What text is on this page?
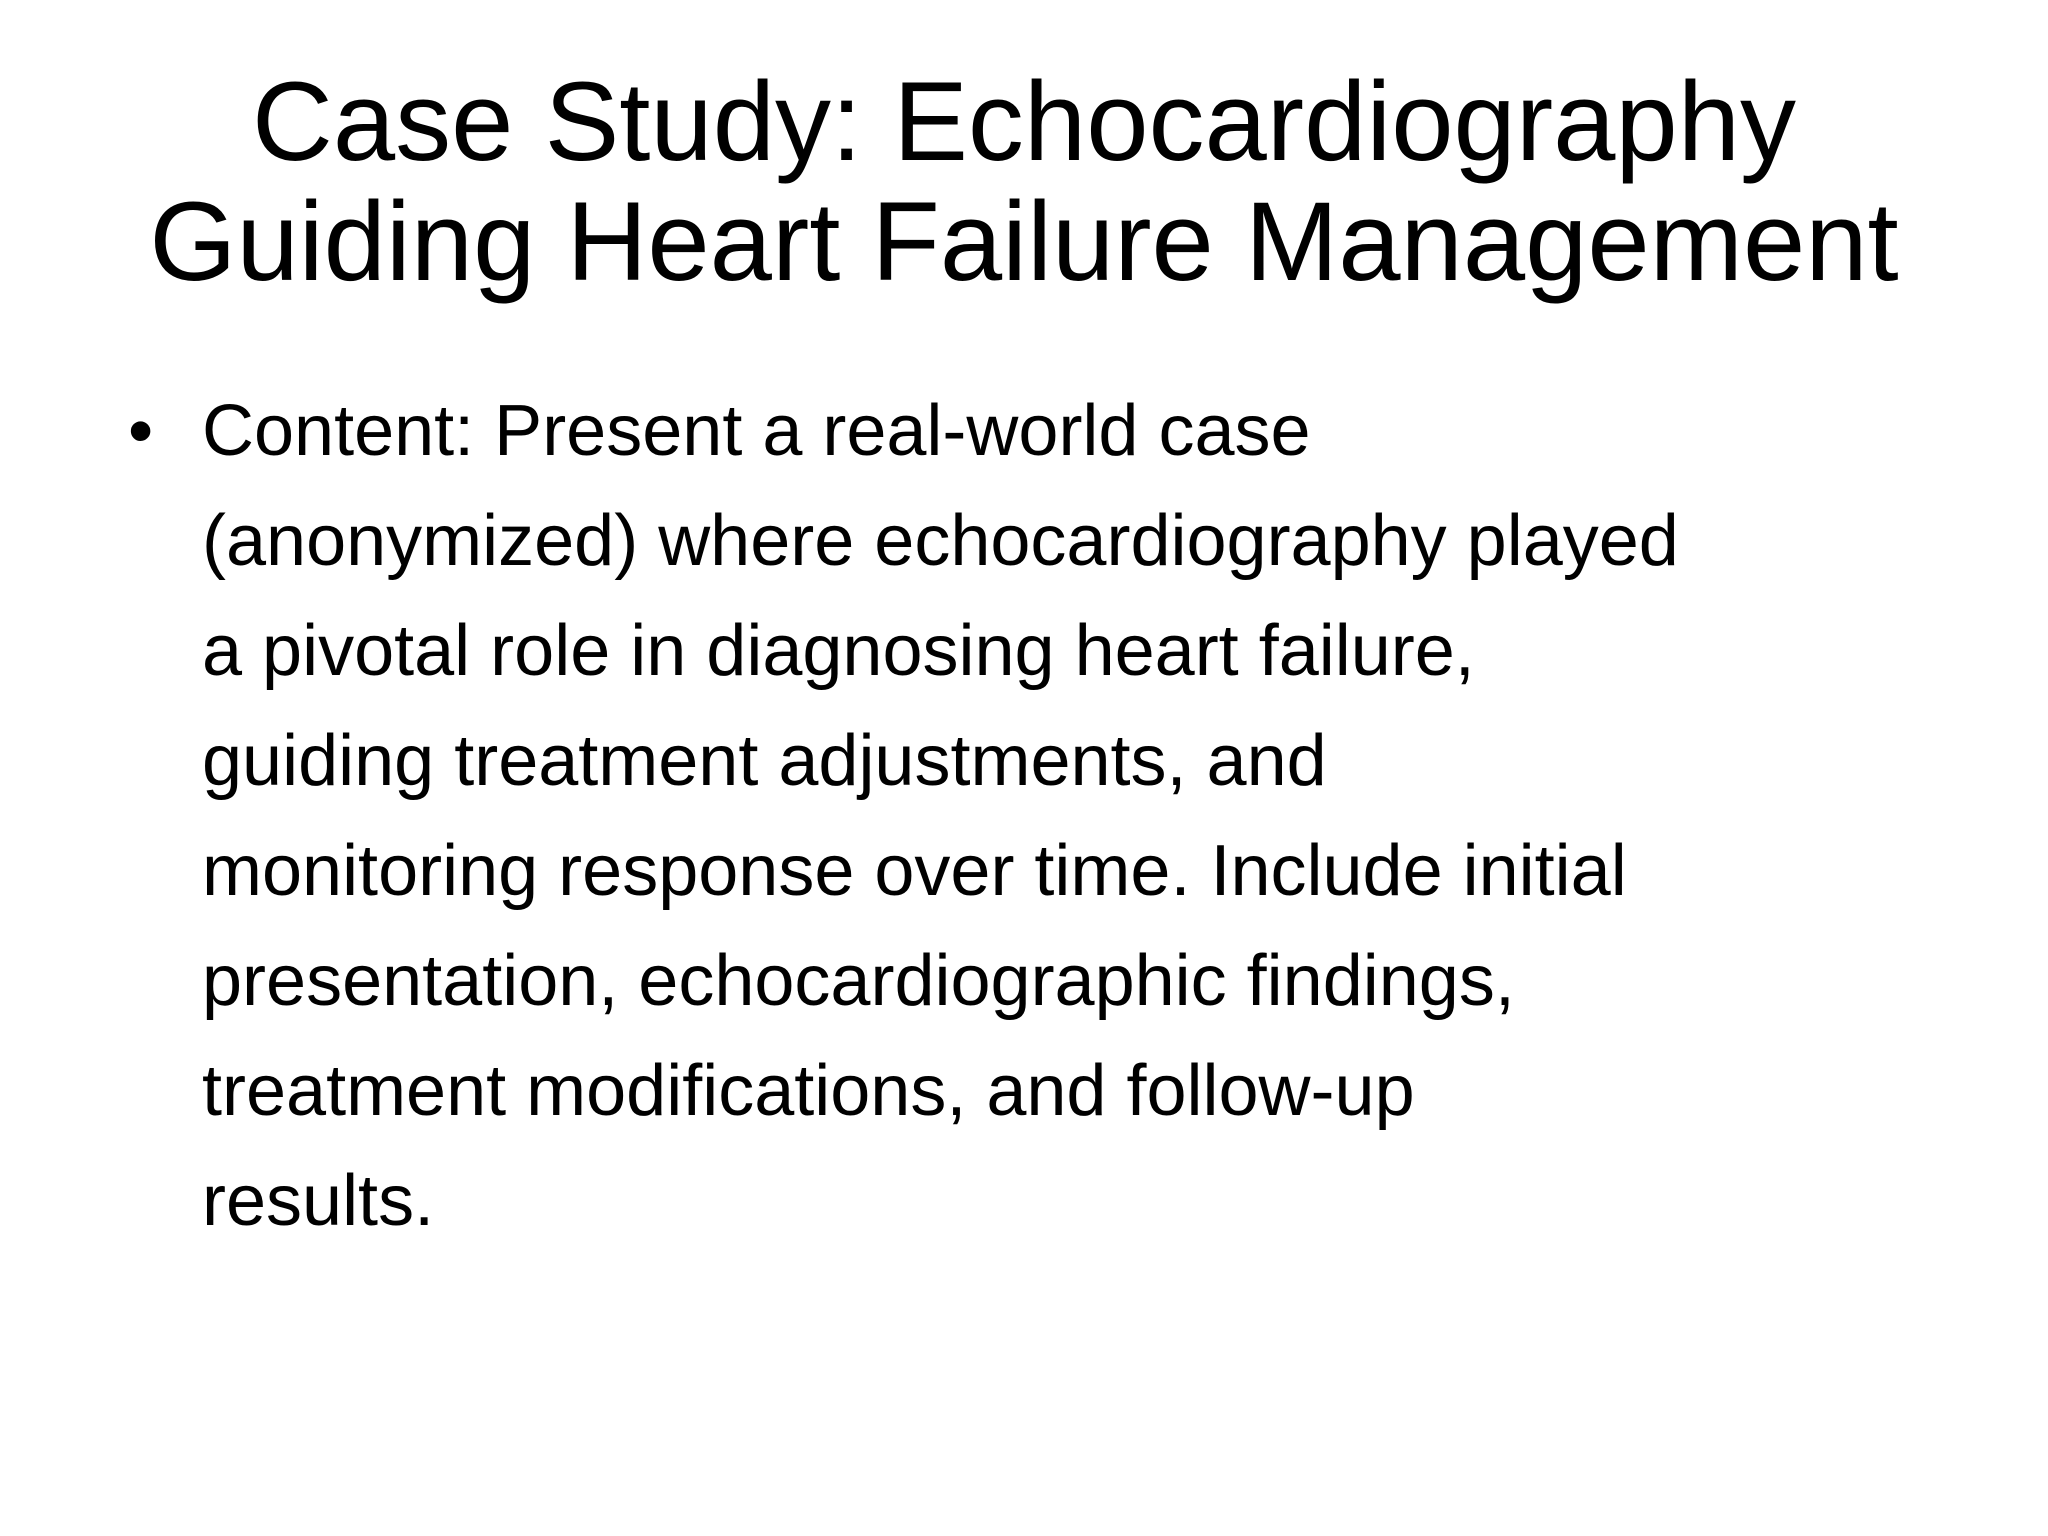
Case Study: Echocardiography
Guiding Heart Failure Management
• Content: Present a real-world case
(anonymized) where echocardiography played
a pivotal role in diagnosing heart failure,
guiding treatment adjustments, and
monitoring response over time. Include initial
presentation, echocardiographic findings,
treatment modifications, and follow-up
results.
